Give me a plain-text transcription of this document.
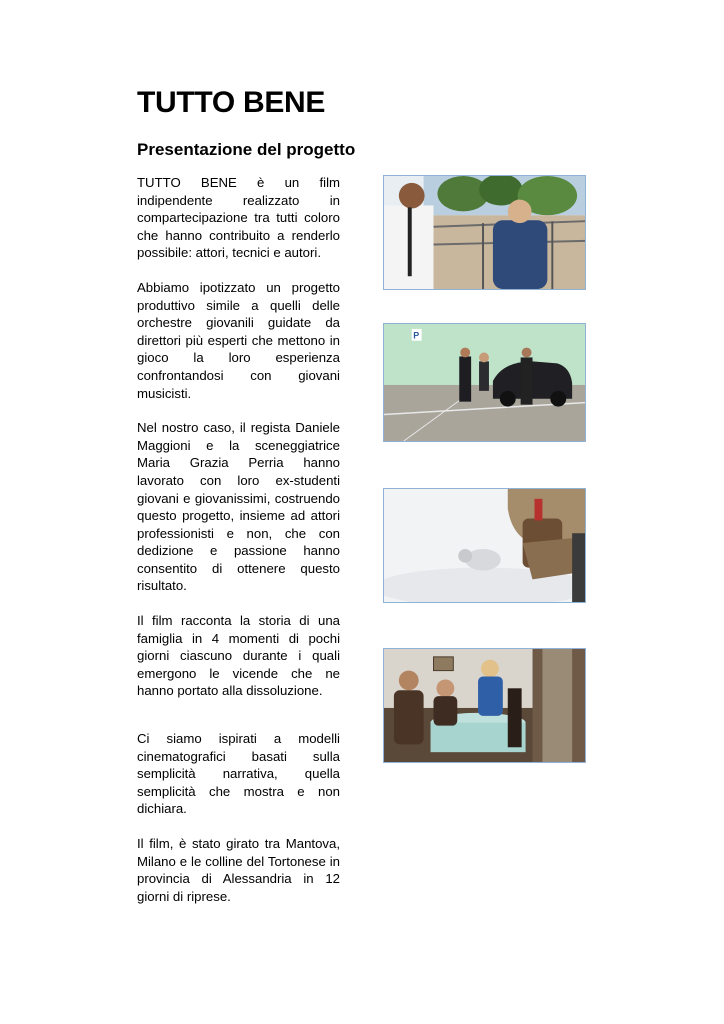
TUTTO BENE
Presentazione del progetto

TUTTO BENE è un film indipendente realizzato in compartecipazione tra tutti coloro che hanno contribuito a renderlo possibile: attori, tecnici e autori.

Abbiamo ipotizzato un progetto produttivo simile a quelli delle orchestre giovanili guidate da direttori più esperti che mettono in gioco la loro esperienza confrontandosi con giovani musicisti.

Nel nostro caso, il regista Daniele Maggioni e la sceneggiatrice Maria Grazia Perria hanno lavorato con loro ex-studenti giovani e giovanissimi, costruendo questo progetto, insieme ad attori professionisti e non, che con dedizione e passione hanno consentito di ottenere questo risultato.

Il film racconta la storia di una famiglia in 4 momenti di pochi giorni ciascuno durante i quali emergono le vicende che ne hanno portato alla dissoluzione.

Ci siamo ispirati a modelli cinematografici basati sulla semplicità narrativa, quella semplicità che mostra e non dichiara.

Il film, è stato girato tra Mantova, Milano e le colline del Tortonese in provincia di Alessandria in 12 giorni di riprese.

P
